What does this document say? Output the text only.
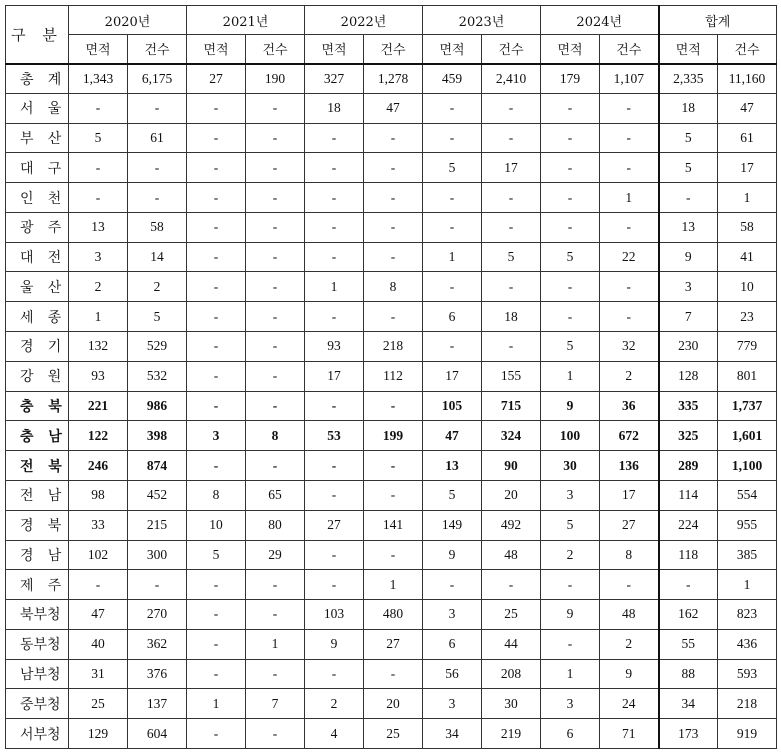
구 분	2020년		2021년		2022년		2023년		2024년		합계	
	면적	건수	면적	건수	면적	건수	면적	건수	면적	건수	면적	건수
총 계	1,343	6,175	27	190	327	1,278	459	2,410	179	1,107	2,335	11,160
서 울	-	-	-	-	18	47	-	-	-	-	18	47
부 산	5	61	-	-	-	-	-	-	-	-	5	61
대 구	-	-	-	-	-	-	5	17	-	-	5	17
인 천	-	-	-	-	-	-	-	-	-	1	-	1
광 주	13	58	-	-	-	-	-	-	-	-	13	58
대 전	3	14	-	-	-	-	1	5	5	22	9	41
울 산	2	2	-	-	1	8	-	-	-	-	3	10
세 종	1	5	-	-	-	-	6	18	-	-	7	23
경 기	132	529	-	-	93	218	-	-	5	32	230	779
강 원	93	532	-	-	17	112	17	155	1	2	128	801
충 북	221	986	-	-	-	-	105	715	9	36	335	1,737
충 남	122	398	3	8	53	199	47	324	100	672	325	1,601
전 북	246	874	-	-	-	-	13	90	30	136	289	1,100
전 남	98	452	8	65	-	-	5	20	3	17	114	554
경 북	33	215	10	80	27	141	149	492	5	27	224	955
경 남	102	300	5	29	-	-	9	48	2	8	118	385
제 주	-	-	-	-	-	1	-	-	-	-	-	1
북부청	47	270	-	-	103	480	3	25	9	48	162	823
동부청	40	362	-	1	9	27	6	44	-	2	55	436
남부청	31	376	-	-	-	-	56	208	1	9	88	593
중부청	25	137	1	7	2	20	3	30	3	24	34	218
서부청	129	604	-	-	4	25	34	219	6	71	173	919
